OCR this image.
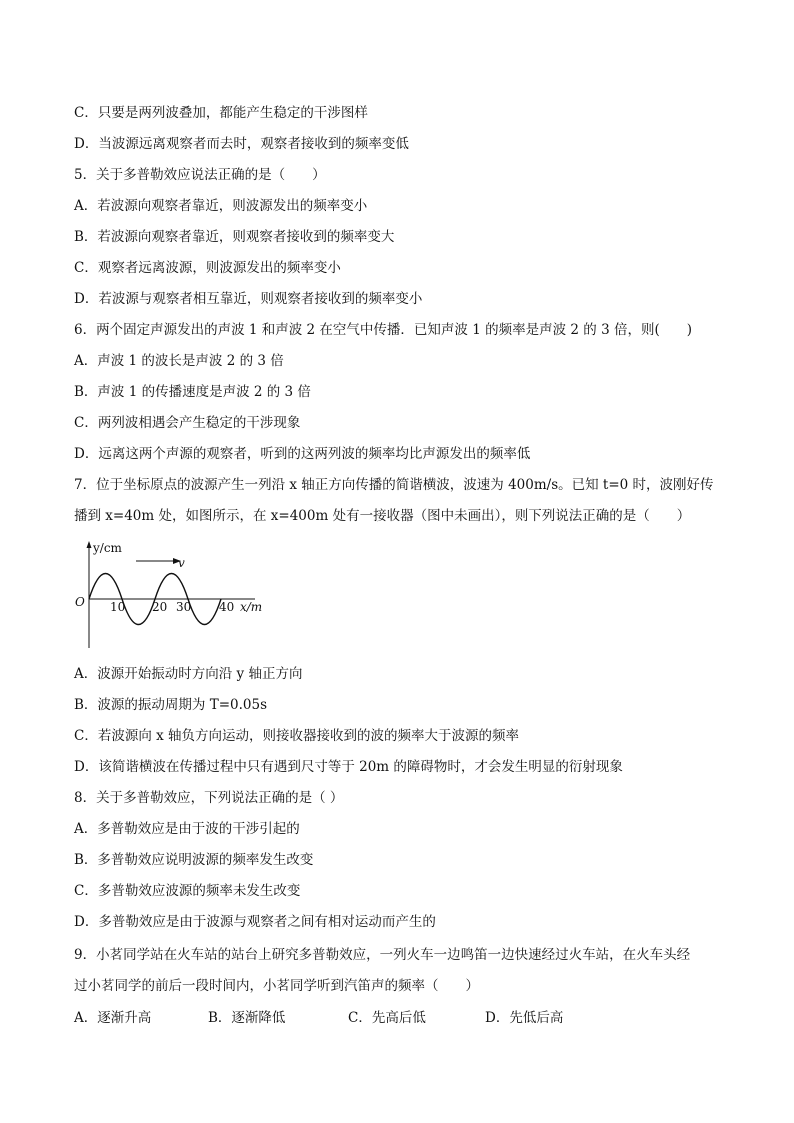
C．只要是两列波叠加，都能产生稳定的干涉图样
D．当波源远离观察者而去时，观察者接收到的频率变低
5．关于多普勒效应说法正确的是（　　）
A．若波源向观察者靠近，则波源发出的频率变小
B．若波源向观察者靠近，则观察者接收到的频率变大
C．观察者远离波源，则波源发出的频率变小
D．若波源与观察者相互靠近，则观察者接收到的频率变小
6．两个固定声源发出的声波 1 和声波 2 在空气中传播．已知声波 1 的频率是声波 2 的 3 倍，则(　　)
A．声波 1 的波长是声波 2 的 3 倍
B．声波 1 的传播速度是声波 2 的 3 倍
C．两列波相遇会产生稳定的干涉现象
D．远离这两个声源的观察者，听到的这两列波的频率均比声源发出的频率低
7．位于坐标原点的波源产生一列沿 x 轴正方向传播的简谐横波，波速为 400m/s。已知 t=0 时，波刚好传
播到 x=40m 处，如图所示，在 x=400m 处有一接收器（图中未画出），则下列说法正确的是（　　）
v
y/cm
O 10 20 30 40 x/m
A．波源开始振动时方向沿 y 轴正方向
B．波源的振动周期为 T=0.05s
C．若波源向 x 轴负方向运动，则接收器接收到的波的频率大于波源的频率
D．该简谐横波在传播过程中只有遇到尺寸等于 20m 的障碍物时，才会发生明显的衍射现象
8．关于多普勒效应，下列说法正确的是（ ）
A．多普勒效应是由于波的干涉引起的
B．多普勒效应说明波源的频率发生改变
C．多普勒效应波源的频率未发生改变
D．多普勒效应是由于波源与观察者之间有相对运动而产生的
9．小茗同学站在火车站的站台上研究多普勒效应，一列火车一边鸣笛一边快速经过火车站，在火车头经
过小茗同学的前后一段时间内，小茗同学听到汽笛声的频率（　　）
A．逐渐升高	B．逐渐降低	C．先高后低	D．先低后高
